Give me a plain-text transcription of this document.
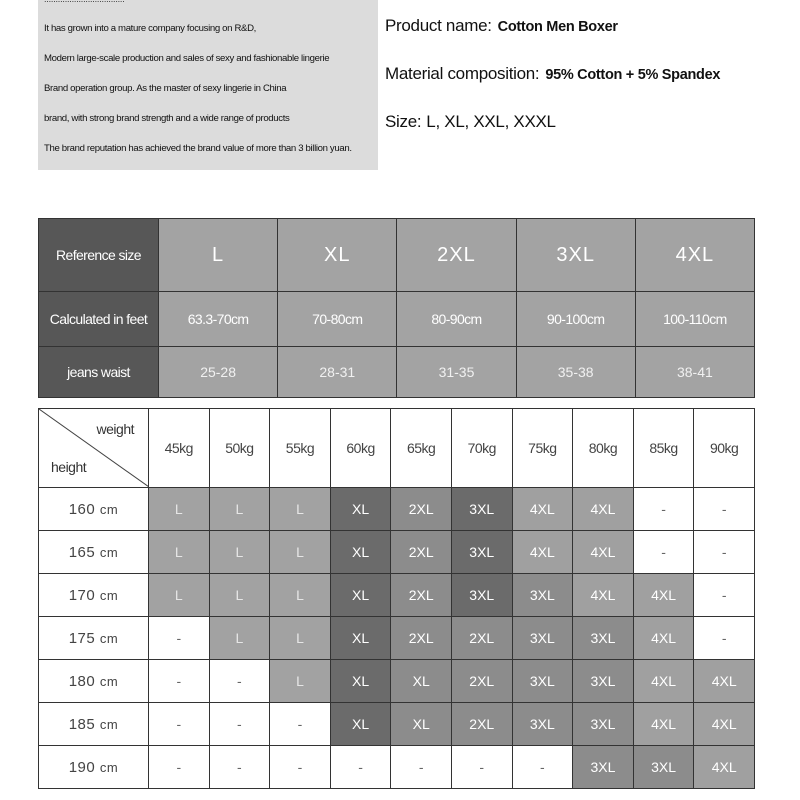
It has grown into a mature company focusing on R&D,
Modern large-scale production and sales of sexy and fashionable lingerie
Brand operation group. As the master of sexy lingerie in China
brand, with strong brand strength and a wide range of products
The brand reputation has achieved the brand value of more than 3 billion yuan.
Product name: Cotton Men Boxer
Material composition: 95% Cotton + 5% Spandex
Size: L, XL, XXL, XXXL
Reference size	L	XL	2XL	3XL	4XL
Calculated in feet	63.3-70cm	70-80cm	80-90cm	90-100cm	100-110cm
jeans waist	25-28	28-31	31-35	35-38	38-41
weight
height	45kg	50kg	55kg	60kg	65kg	70kg	75kg	80kg	85kg	90kg
160 cm	L	L	L	XL	2XL	3XL	4XL	4XL	-	-
165 cm	L	L	L	XL	2XL	3XL	4XL	4XL	-	-
170 cm	L	L	L	XL	2XL	3XL	3XL	4XL	4XL	-
175 cm	-	L	L	XL	2XL	2XL	3XL	3XL	4XL	-
180 cm	-	-	L	XL	XL	2XL	3XL	3XL	4XL	4XL
185 cm	-	-	-	XL	XL	2XL	3XL	3XL	4XL	4XL
190 cm	-	-	-	-	-	-	-	3XL	3XL	4XL
